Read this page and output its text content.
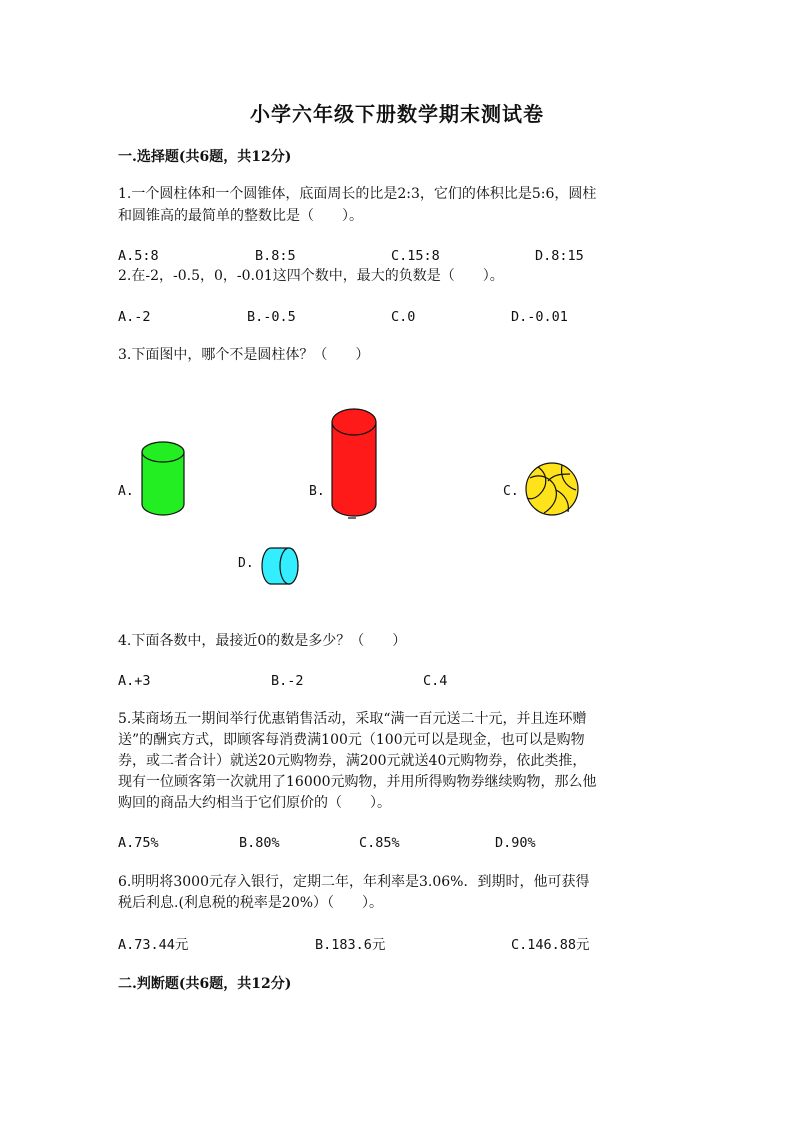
小学六年级下册数学期末测试卷
一.选择题(共6题，共12分)
1.一个圆柱体和一个圆锥体，底面周长的比是2:3，它们的体积比是5:6，圆柱
和圆锥高的最简单的整数比是（　　）。
A.5:8	B.8:5	C.15:8	D.8:15
2.在-2，-0.5，0，-0.01这四个数中，最大的负数是（　　）。
A.-2	B.-0.5	C.0	D.-0.01
3.下面图中，哪个不是圆柱体？（　　）
A.	B.	C.
D.
4.下面各数中，最接近0的数是多少？（　　）
A.+3	B.-2	C.4
5.某商场五一期间举行优惠销售活动，采取“满一百元送二十元，并且连环赠
送”的酬宾方式，即顾客每消费满100元（100元可以是现金，也可以是购物
券，或二者合计）就送20元购物券，满200元就送40元购物券，依此类推，
现有一位顾客第一次就用了16000元购物，并用所得购物券继续购物，那么他
购回的商品大约相当于它们原价的（　　）。
A.75%	B.80%	C.85%	D.90%
6.明明将3000元存入银行，定期二年，年利率是3.06%．到期时，他可获得
税后利息.(利息税的税率是20%）（　　）。
A.73.44元	B.183.6元	C.146.88元
二.判断题(共6题，共12分)
